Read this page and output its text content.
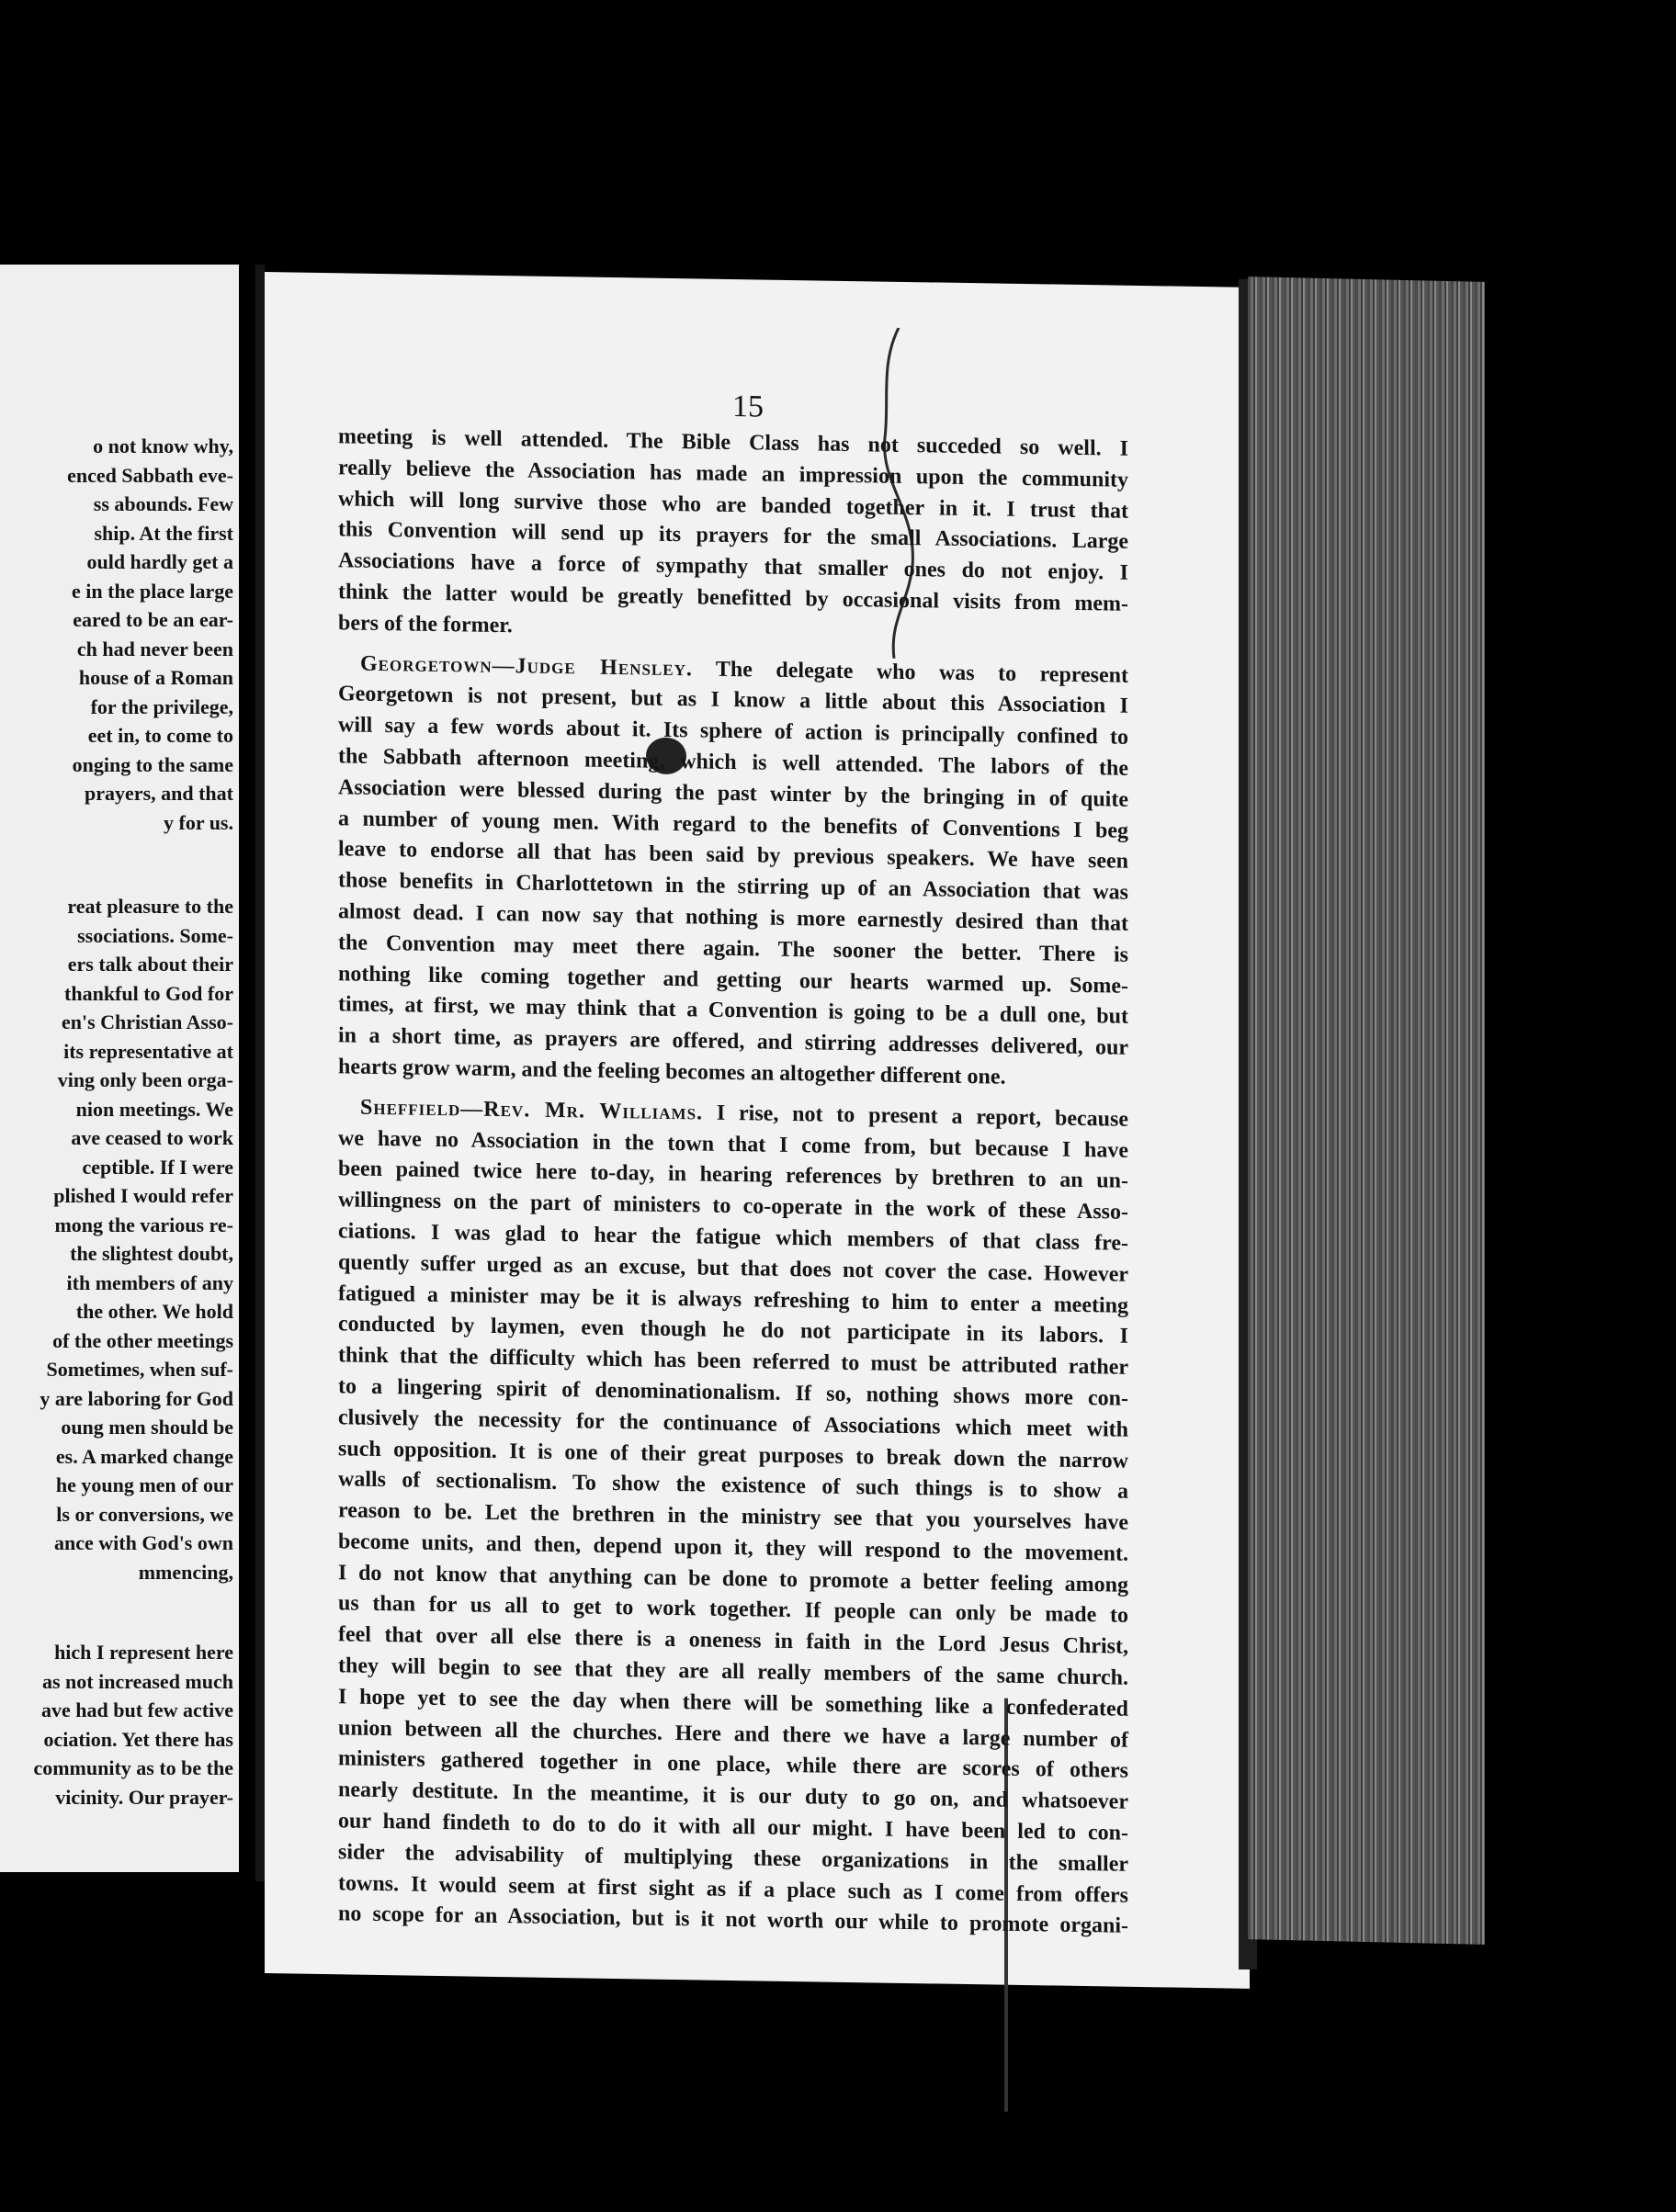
o not know why,
enced Sabbath eve-
ss abounds. Few
ship. At the first
ould hardly get a
e in the place large
eared to be an ear-
ch had never been
house of a Roman
for the privilege,
eet in, to come to
onging to the same
prayers, and that
y for us.
reat pleasure to the
ssociations. Some-
ers talk about their
thankful to God for
en's Christian Asso-
its representative at
ving only been orga-
nion meetings. We
ave ceased to work
ceptible. If I were
plished I would refer
mong the various re-
the slightest doubt,
ith members of any
the other. We hold
of the other meetings
Sometimes, when suf-
y are laboring for God
oung men should be
es. A marked change
he young men of our
ls or conversions, we
ance with God's own
mmencing,
hich I represent here
as not increased much
ave had but few active
ociation. Yet there has
community as to be the
vicinity. Our prayer-
15
meeting is well attended. The Bible Class has not succeded so well. I
really believe the Association has made an impression upon the community
which will long survive those who are banded together in it. I trust that
this Convention will send up its prayers for the small Associations. Large
Associations have a force of sympathy that smaller ones do not enjoy. I
think the latter would be greatly benefitted by occasional visits from mem-
bers of the former.
Georgetown—Judge Hensley. The delegate who was to represent
Georgetown is not present, but as I know a little about this Association I
will say a few words about it. Its sphere of action is principally confined to
the Sabbath afternoon meeting, which is well attended. The labors of the
Association were blessed during the past winter by the bringing in of quite
a number of young men. With regard to the benefits of Conventions I beg
leave to endorse all that has been said by previous speakers. We have seen
those benefits in Charlottetown in the stirring up of an Association that was
almost dead. I can now say that nothing is more earnestly desired than that
the Convention may meet there again. The sooner the better. There is
nothing like coming together and getting our hearts warmed up. Some-
times, at first, we may think that a Convention is going to be a dull one, but
in a short time, as prayers are offered, and stirring addresses delivered, our
hearts grow warm, and the feeling becomes an altogether different one.
Sheffield—Rev. Mr. Williams. I rise, not to present a report, because
we have no Association in the town that I come from, but because I have
been pained twice here to-day, in hearing references by brethren to an un-
willingness on the part of ministers to co-operate in the work of these Asso-
ciations. I was glad to hear the fatigue which members of that class fre-
quently suffer urged as an excuse, but that does not cover the case. However
fatigued a minister may be it is always refreshing to him to enter a meeting
conducted by laymen, even though he do not participate in its labors. I
think that the difficulty which has been referred to must be attributed rather
to a lingering spirit of denominationalism. If so, nothing shows more con-
clusively the necessity for the continuance of Associations which meet with
such opposition. It is one of their great purposes to break down the narrow
walls of sectionalism. To show the existence of such things is to show a
reason to be. Let the brethren in the ministry see that you yourselves have
become units, and then, depend upon it, they will respond to the movement.
I do not know that anything can be done to promote a better feeling among
us than for us all to get to work together. If people can only be made to
feel that over all else there is a oneness in faith in the Lord Jesus Christ,
they will begin to see that they are all really members of the same church.
I hope yet to see the day when there will be something like a confederated
union between all the churches. Here and there we have a large number of
ministers gathered together in one place, while there are scores of others
nearly destitute. In the meantime, it is our duty to go on, and whatsoever
our hand findeth to do to do it with all our might. I have been led to con-
sider the advisability of multiplying these organizations in the smaller
towns. It would seem at first sight as if a place such as I come from offers
no scope for an Association, but is it not worth our while to promote organi-
